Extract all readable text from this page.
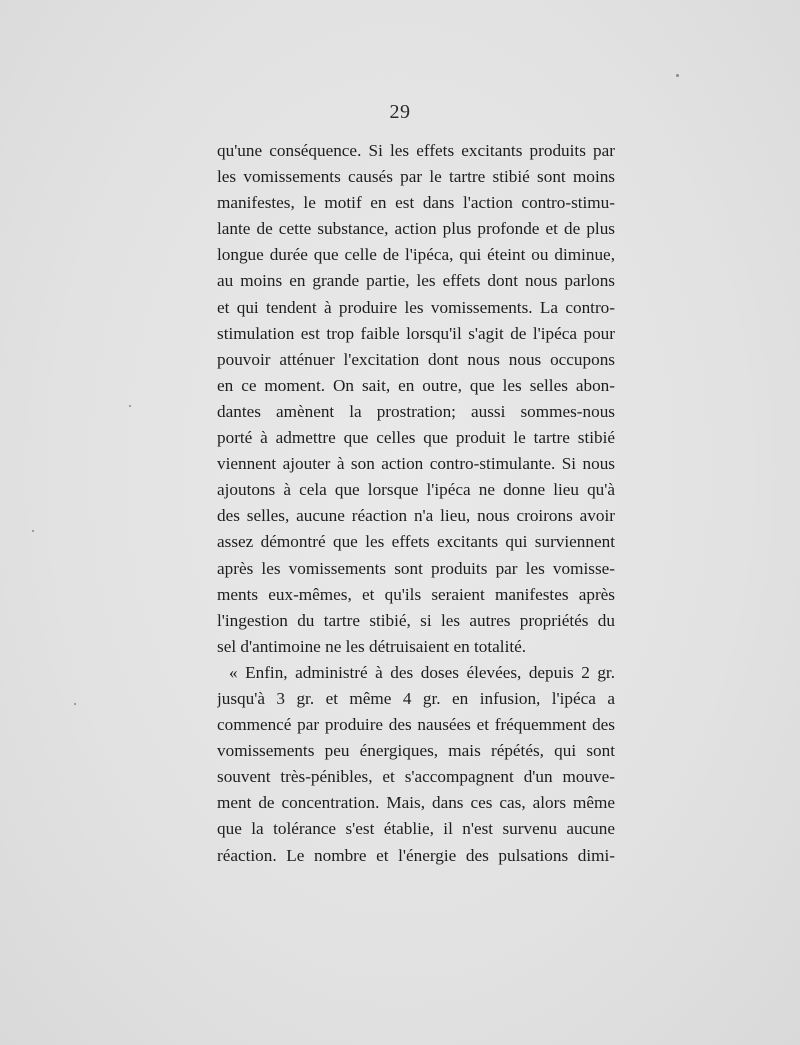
29
qu'une conséquence. Si les effets excitants produits par
les vomissements causés par le tartre stibié sont moins
manifestes, le motif en est dans l'action contro-stimu-
lante de cette substance, action plus profonde et de plus
longue durée que celle de l'ipéca, qui éteint ou diminue,
au moins en grande partie, les effets dont nous parlons
et qui tendent à produire les vomissements. La contro-
stimulation est trop faible lorsqu'il s'agit de l'ipéca pour
pouvoir atténuer l'excitation dont nous nous occupons
en ce moment. On sait, en outre, que les selles abon-
dantes amènent la prostration; aussi sommes-nous
porté à admettre que celles que produit le tartre stibié
viennent ajouter à son action contro-stimulante. Si nous
ajoutons à cela que lorsque l'ipéca ne donne lieu qu'à
des selles, aucune réaction n'a lieu, nous croirons avoir
assez démontré que les effets excitants qui surviennent
après les vomissements sont produits par les vomisse-
ments eux-mêmes, et qu'ils seraient manifestes après
l'ingestion du tartre stibié, si les autres propriétés du
sel d'antimoine ne les détruisaient en totalité.
« Enfin, administré à des doses élevées, depuis 2 gr.
jusqu'à 3 gr. et même 4 gr. en infusion, l'ipéca a
commencé par produire des nausées et fréquemment des
vomissements peu énergiques, mais répétés, qui sont
souvent très-pénibles, et s'accompagnent d'un mouve-
ment de concentration. Mais, dans ces cas, alors même
que la tolérance s'est établie, il n'est survenu aucune
réaction. Le nombre et l'énergie des pulsations dimi-
